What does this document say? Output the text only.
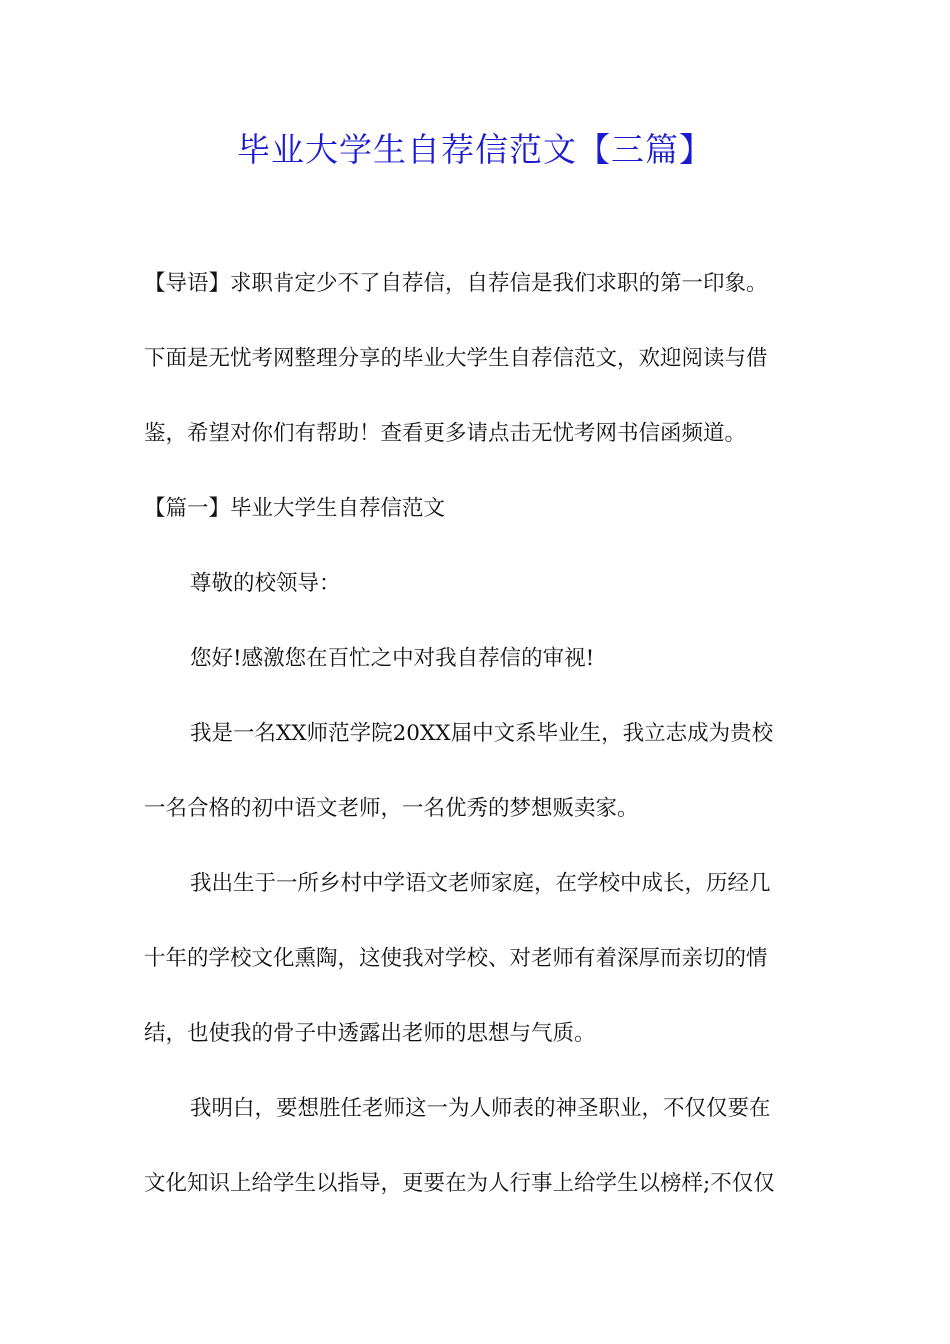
毕业大学生自荐信范文【三篇】
【导语】求职肯定少不了自荐信，自荐信是我们求职的第一印象。
下面是无忧考网整理分享的毕业大学生自荐信范文，欢迎阅读与借
鉴，希望对你们有帮助！查看更多请点击无忧考网书信函频道。
【篇一】毕业大学生自荐信范文
尊敬的校领导：
您好!感激您在百忙之中对我自荐信的审视!
我是一名XX师范学院20XX届中文系毕业生，我立志成为贵校
一名合格的初中语文老师，一名优秀的梦想贩卖家。
我出生于一所乡村中学语文老师家庭，在学校中成长，历经几
十年的学校文化熏陶，这使我对学校、对老师有着深厚而亲切的情
结，也使我的骨子中透露出老师的思想与气质。
我明白，要想胜任老师这一为人师表的神圣职业，不仅仅要在
文化知识上给学生以指导，更要在为人行事上给学生以榜样;不仅仅
